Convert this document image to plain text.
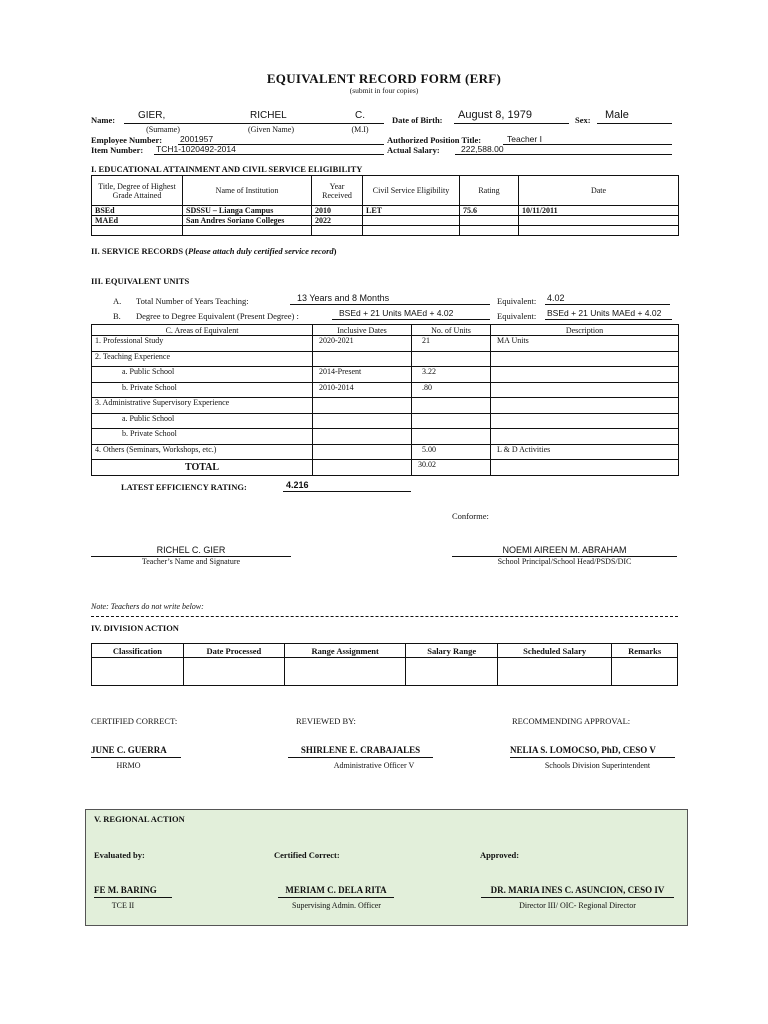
EQUIVALENT RECORD FORM (ERF)
(submit in four copies)
Name: GIER,	RICHEL	C.
(Surname)	(Given Name)	(M.I)
Date of Birth: August 8, 1979	Sex: Male
Employee Number: 2001957
Item Number: TCH1-1020492-2014
Authorized Position Title:	Teacher I
Actual Salary:	222,588.00
I. EDUCATIONAL ATTAINMENT AND CIVIL SERVICE ELIGIBILITY
Title, Degree of Highest Grade Attained	Name of Institution	Year Received	Civil Service Eligibility	Rating	Date
BSEd	SDSSU – Lianga Campus	2010	LET	75.6	10/11/2011
MAEd	San Andres Soriano Colleges	2022			

II. SERVICE RECORDS (Please attach duly certified service record)
III. EQUIVALENT UNITS
A. Total Number of Years Teaching:	13 Years and 8 Months	Equivalent: 4.02
B. Degree to Degree Equivalent (Present Degree) :	BSEd + 21 Units MAEd + 4.02	Equivalent: BSEd + 21 Units MAEd + 4.02
C. Areas of Equivalent	Inclusive Dates	No. of Units	Description
1. Professional Study	2020-2021	21	MA Units
2. Teaching Experience			
a. Public School	2014-Present	3.22	
b. Private School	2010-2014	.80	
3. Administrative Supervisory Experience			
a. Public School			
b. Private School			
4. Others (Seminars, Workshops, etc.)		5.00	L & D Activities
TOTAL		30.02	
LATEST EFFICIENCY RATING:	4.216
Conforme:
RICHEL C. GIER
Teacher’s Name and Signature
NOEMI AIREEN M. ABRAHAM
School Principal/School Head/PSDS/DIC
Note: Teachers do not write below:
IV. DIVISION ACTION
Classification	Date Processed	Range Assignment	Salary Range	Scheduled Salary	Remarks

CERTIFIED CORRECT:	REVIEWED BY:	RECOMMENDING APPROVAL:
JUNE C. GUERRA
HRMO
SHIRLENE E. CRABAJALES
Administrative Officer V
NELIA S. LOMOCSO, PhD, CESO V
Schools Division Superintendent
V. REGIONAL ACTION
Evaluated by:	Certified Correct:	Approved:
FE M. BARING
TCE II
MERIAM C. DELA RITA
Supervising Admin. Officer
DR. MARIA INES C. ASUNCION, CESO IV
Director III/ OIC- Regional Director
